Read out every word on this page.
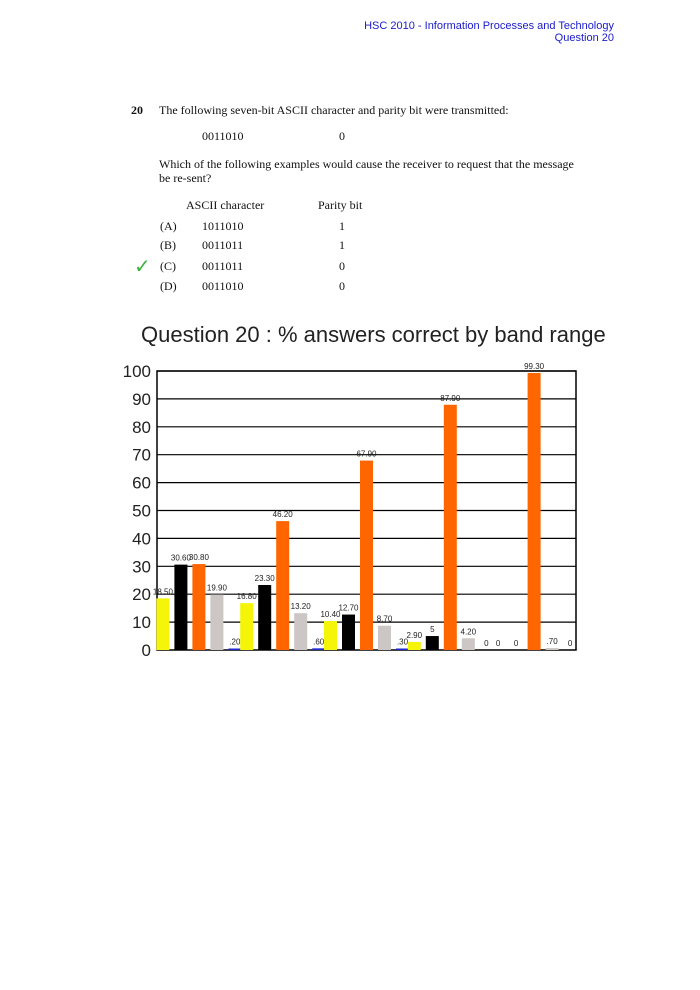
HSC 2010 - Information Processes and Technology
Question 20
20 The following seven-bit ASCII character and parity bit were transmitted:
0011010	0
Which of the following examples would cause the receiver to request that the message
be re-sent?
ASCII character	Parity bit
(A) 1011010	1
(B) 0011011	1
✓ (C) 0011011	0
(D) 0011010	0
Question 20 : % answers correct by band range
0
10
20
30
40
50
60
70
80
90
100
18.50
30.60
30.80
19.90
.20
16.80
23.30
46.20
13.20
.60
10.40
12.70
67.90
8.70
.30
2.90
5
87.90
4.20
0 0 0
99.30
.70 0
